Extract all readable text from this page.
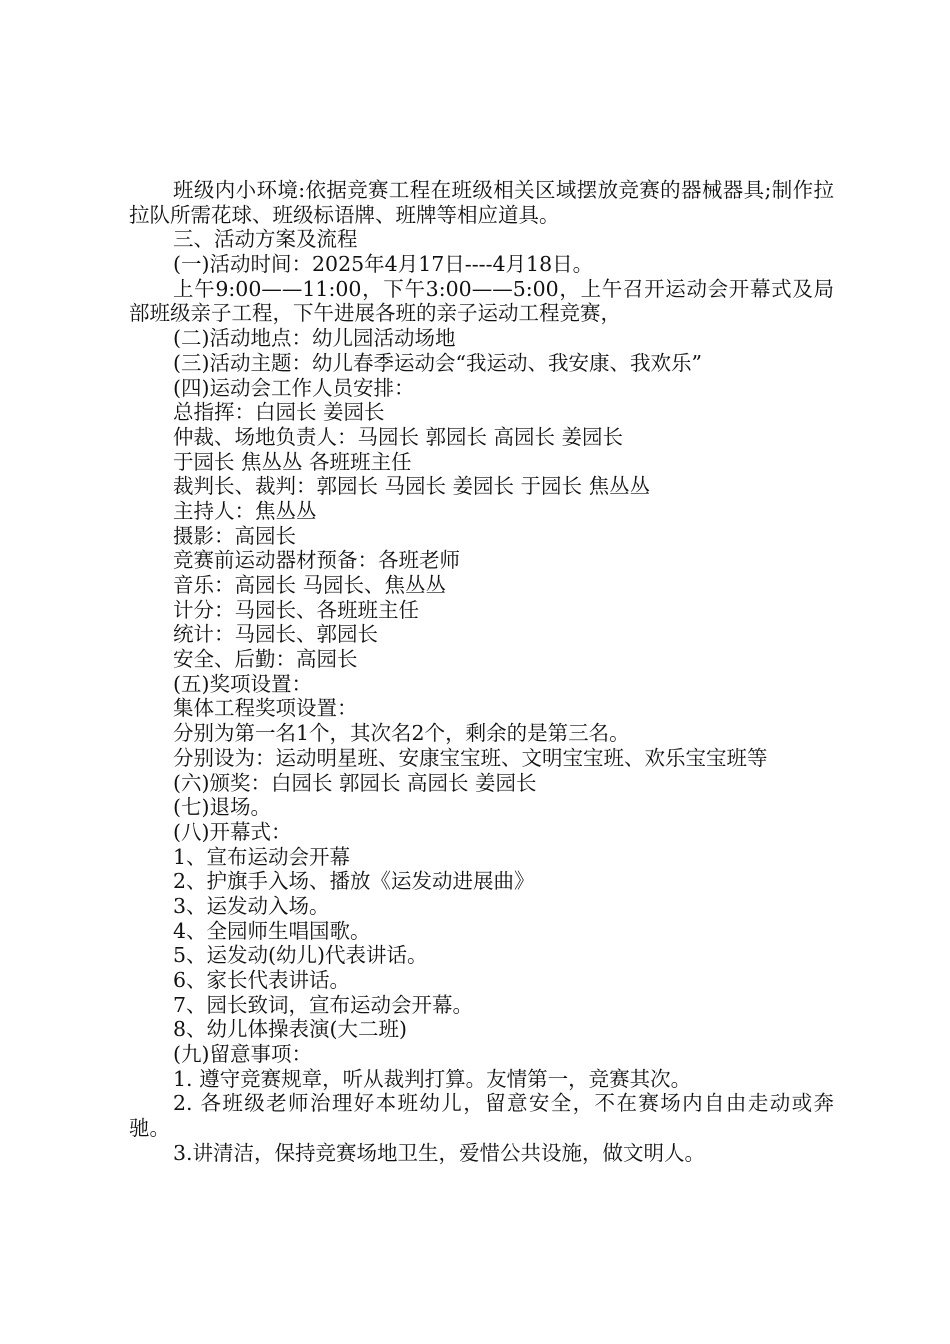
班级内小环境:依据竞赛工程在班级相关区域摆放竞赛的器械器具;制作拉拉队所需花球、班级标语牌、班牌等相应道具。
三、活动方案及流程
(一)活动时间：2025年4月17日----4月18日。
上午9:00——11:00，下午3:00——5:00，上午召开运动会开幕式及局部班级亲子工程，下午进展各班的亲子运动工程竞赛，
(二)活动地点：幼儿园活动场地
(三)活动主题：幼儿春季运动会“我运动、我安康、我欢乐”
(四)运动会工作人员安排：
总指挥：白园长 姜园长
仲裁、场地负责人：马园长 郭园长 高园长 姜园长
于园长 焦丛丛 各班班主任
裁判长、裁判：郭园长 马园长 姜园长 于园长 焦丛丛
主持人：焦丛丛
摄影：高园长
竞赛前运动器材预备：各班老师
音乐：高园长 马园长、焦丛丛
计分：马园长、各班班主任
统计：马园长、郭园长
安全、后勤：高园长
(五)奖项设置：
集体工程奖项设置：
分别为第一名1个，其次名2个，剩余的是第三名。
分别设为：运动明星班、安康宝宝班、文明宝宝班、欢乐宝宝班等
(六)颁奖：白园长 郭园长 高园长 姜园长
(七)退场。
(八)开幕式：
1、宣布运动会开幕
2、护旗手入场、播放《运发动进展曲》
3、运发动入场。
4、全园师生唱国歌。
5、运发动(幼儿)代表讲话。
6、家长代表讲话。
7、园长致词，宣布运动会开幕。
8、幼儿体操表演(大二班)
(九)留意事项：
1. 遵守竞赛规章，听从裁判打算。友情第一，竞赛其次。
2. 各班级老师治理好本班幼儿，留意安全，不在赛场内自由走动或奔驰。
3.讲清洁，保持竞赛场地卫生，爱惜公共设施，做文明人。
